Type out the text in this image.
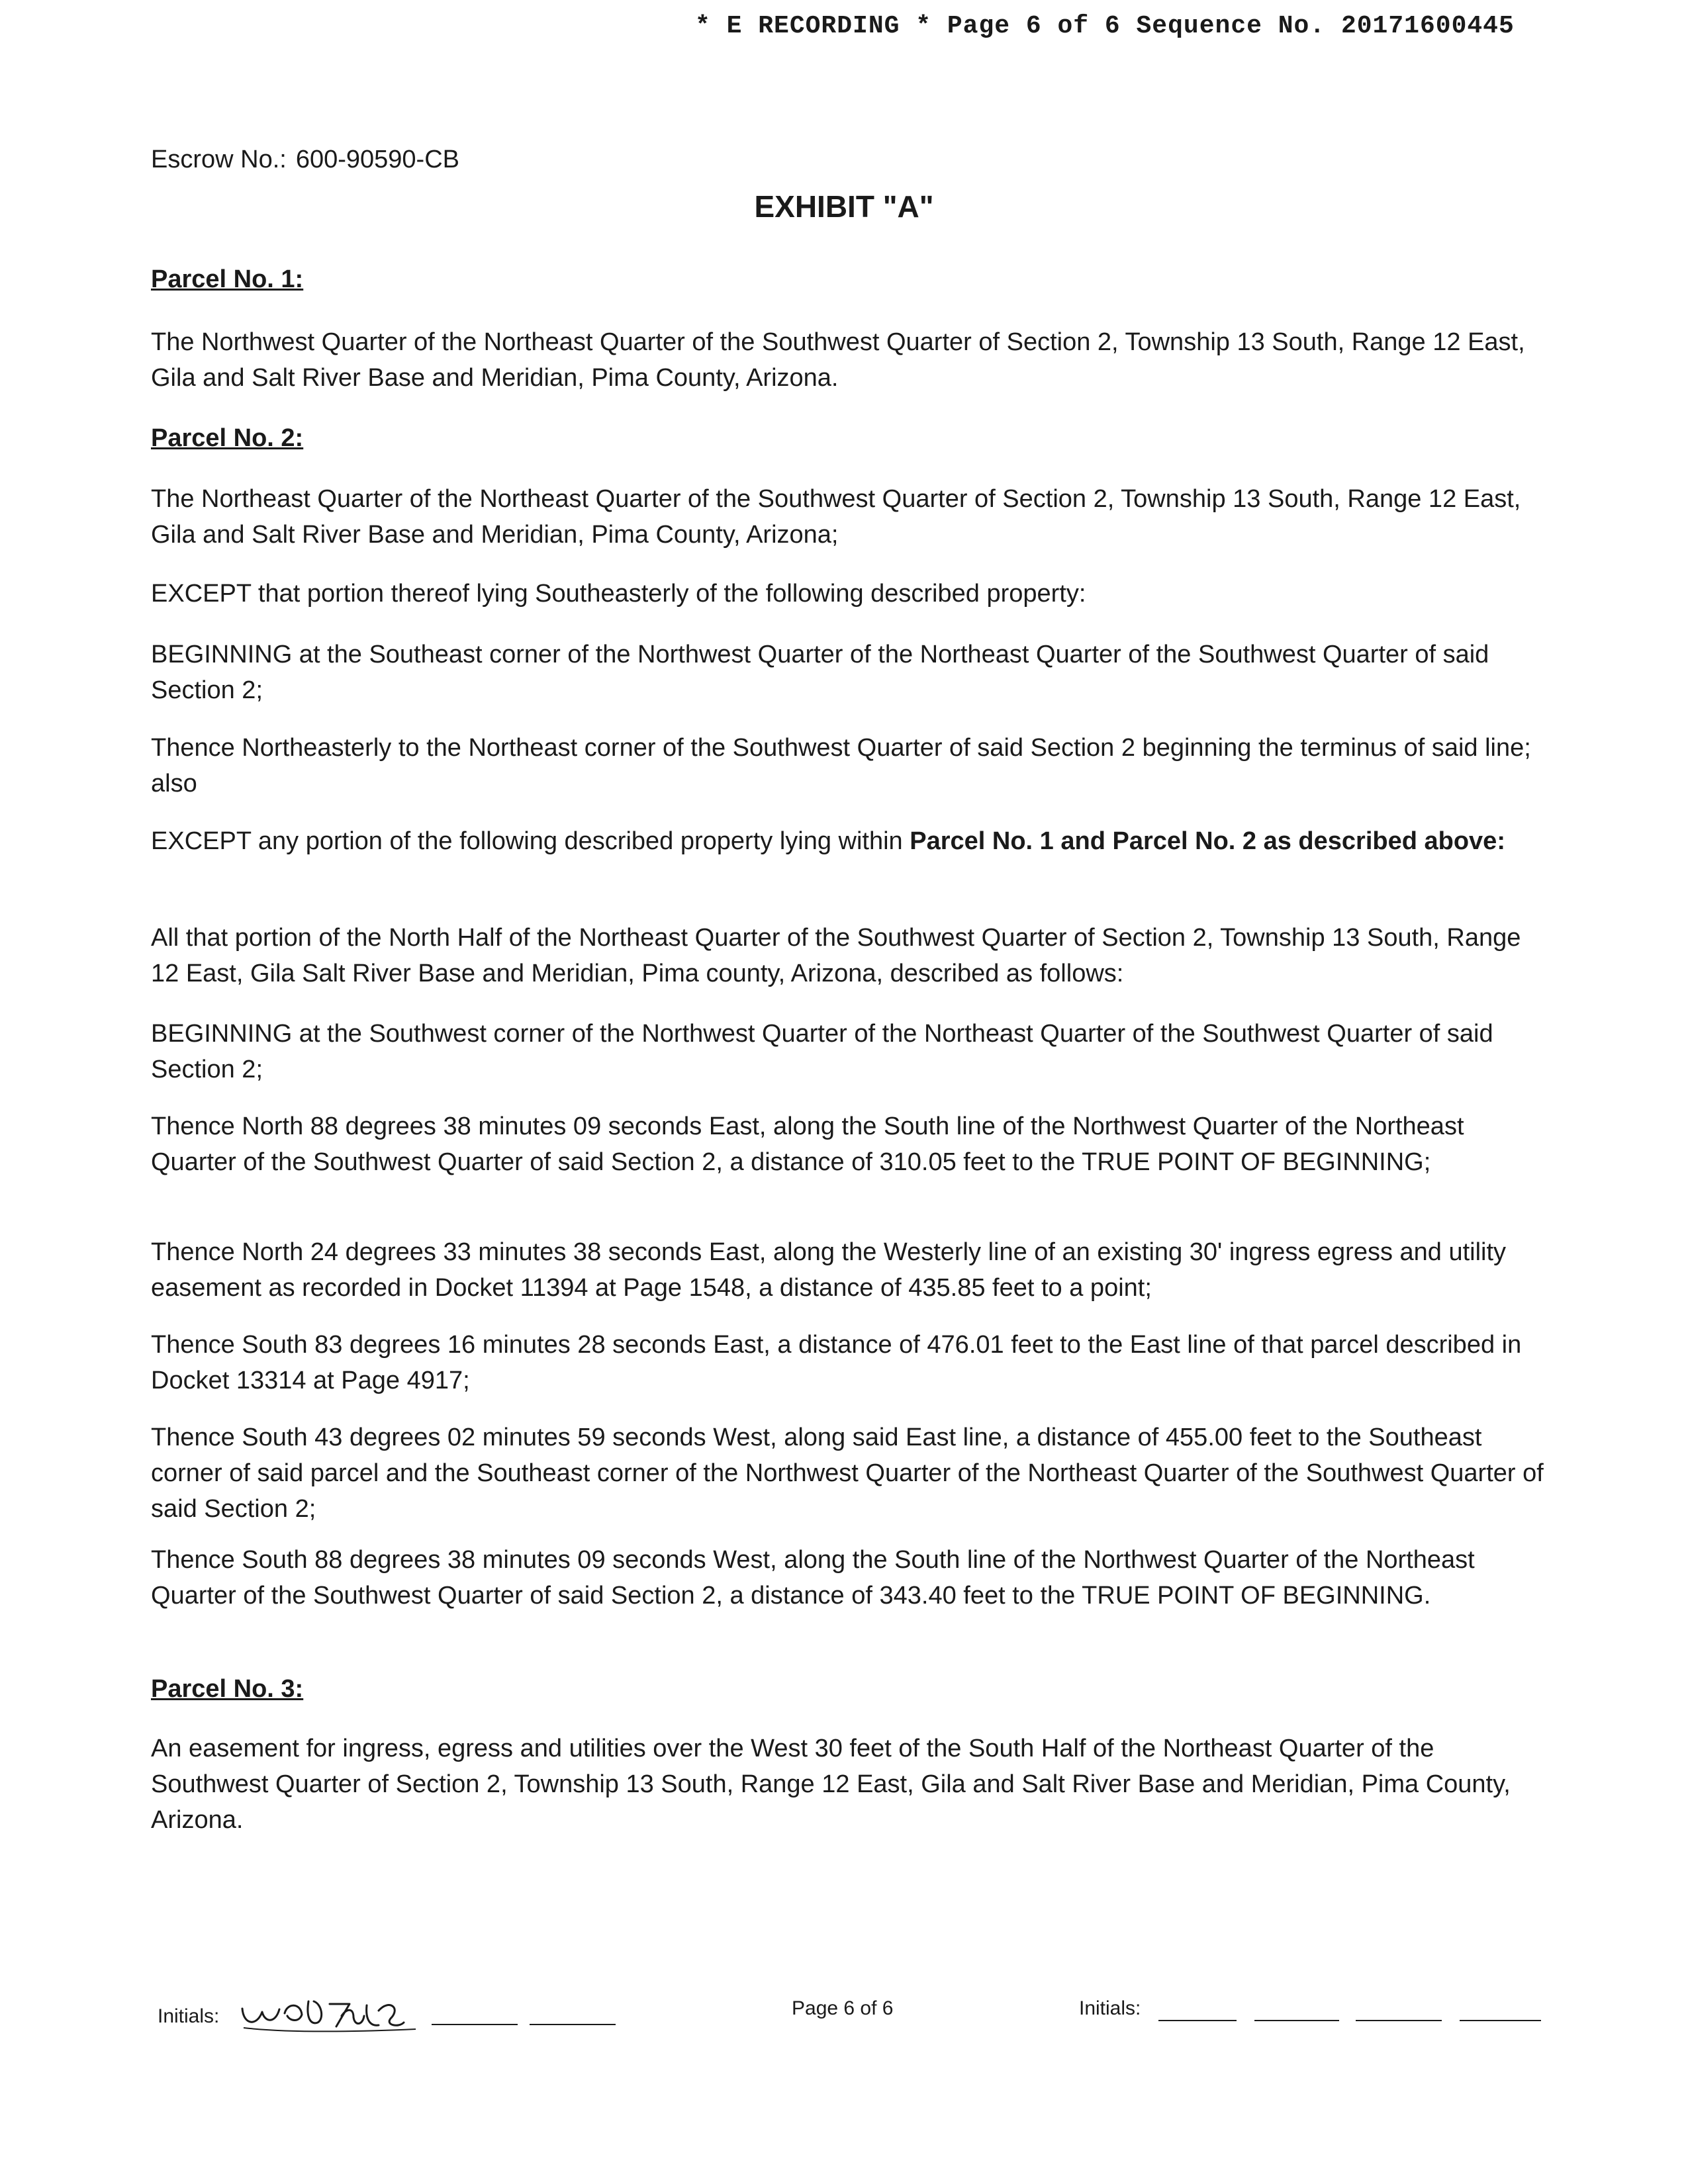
* E RECORDING * Page 6 of 6 Sequence No. 20171600445
Escrow No.: 600-90590-CB
EXHIBIT "A"
Parcel No. 1:
The Northwest Quarter of the Northeast Quarter of the Southwest Quarter of Section 2, Township 13 South, Range 12 East, Gila and Salt River Base and Meridian, Pima County, Arizona.
Parcel No. 2:
The Northeast Quarter of the Northeast Quarter of the Southwest Quarter of Section 2, Township 13 South, Range 12 East, Gila and Salt River Base and Meridian, Pima County, Arizona;
EXCEPT that portion thereof lying Southeasterly of the following described property:
BEGINNING at the Southeast corner of the Northwest Quarter of the Northeast Quarter of the Southwest Quarter of said Section 2;
Thence Northeasterly to the Northeast corner of the Southwest Quarter of said Section 2 beginning the terminus of said line; also
EXCEPT any portion of the following described property lying within Parcel No. 1 and Parcel No. 2 as described above:
All that portion of the North Half of the Northeast Quarter of the Southwest Quarter of Section 2, Township 13 South, Range 12 East, Gila Salt River Base and Meridian, Pima county, Arizona, described as follows:
BEGINNING at the Southwest corner of the Northwest Quarter of the Northeast Quarter of the Southwest Quarter of said Section 2;
Thence North 88 degrees 38 minutes 09 seconds East, along the South line of the Northwest Quarter of the Northeast Quarter of the Southwest Quarter of said Section 2, a distance of 310.05 feet to the TRUE POINT OF BEGINNING;
Thence North 24 degrees 33 minutes 38 seconds East, along the Westerly line of an existing 30' ingress egress and utility easement as recorded in Docket 11394 at Page 1548, a distance of 435.85 feet to a point;
Thence South 83 degrees 16 minutes 28 seconds East, a distance of 476.01 feet to the East line of that parcel described in Docket 13314 at Page 4917;
Thence South 43 degrees 02 minutes 59 seconds West, along said East line, a distance of 455.00 feet to the Southeast corner of said parcel and the Southeast corner of the Northwest Quarter of the Northeast Quarter of the Southwest Quarter of said Section 2;
Thence South 88 degrees 38 minutes 09 seconds West, along the South line of the Northwest Quarter of the Northeast Quarter of the Southwest Quarter of said Section 2, a distance of 343.40 feet to the TRUE POINT OF BEGINNING.
Parcel No. 3:
An easement for ingress, egress and utilities over the West 30 feet of the South Half of the Northeast Quarter of the Southwest Quarter of Section 2, Township 13 South, Range 12 East, Gila and Salt River Base and Meridian, Pima County, Arizona.
Initials:	Page 6 of 6	Initials:
